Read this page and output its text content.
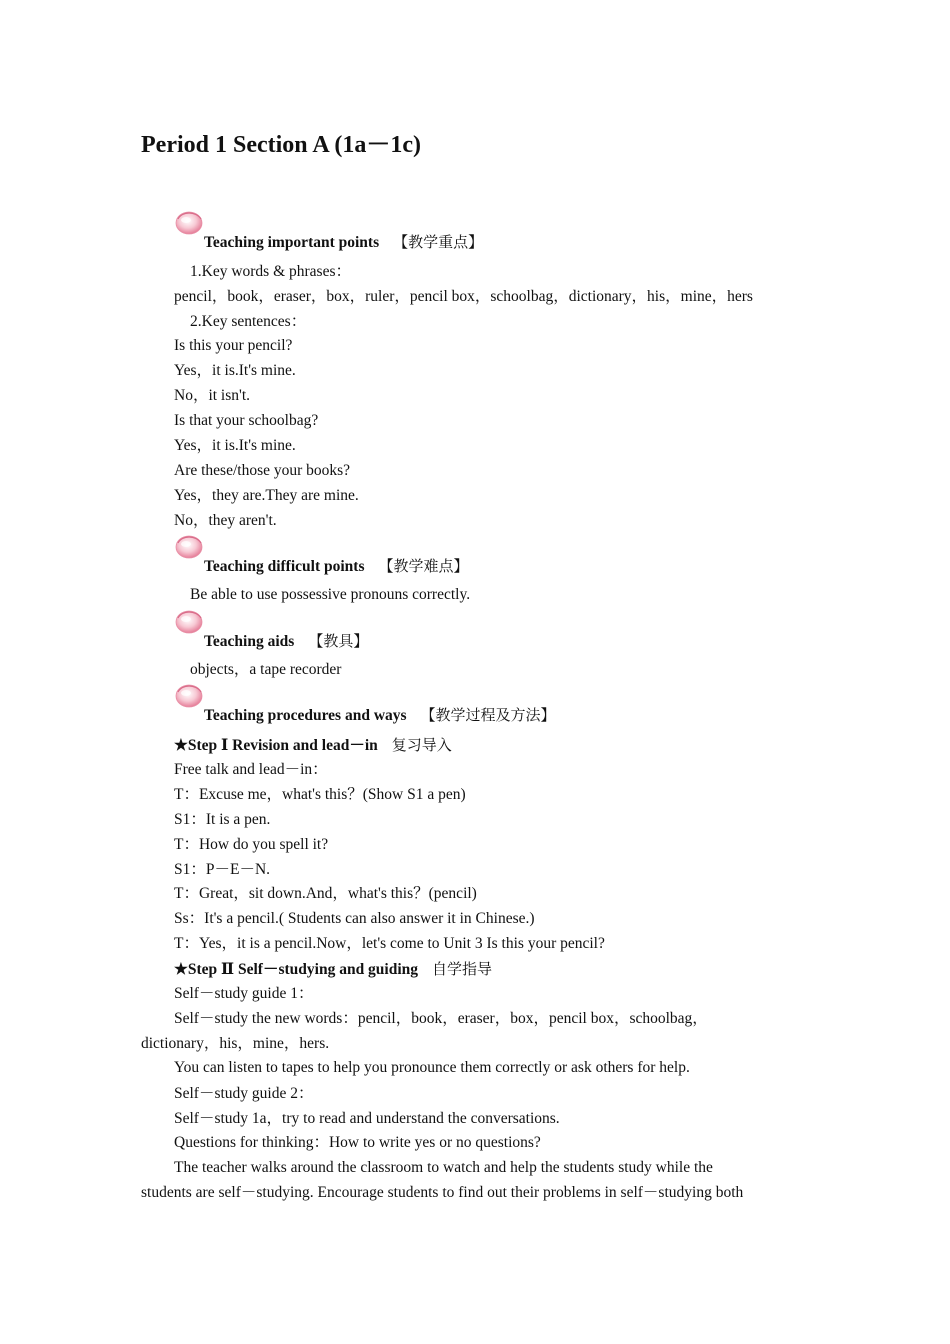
Period 1 Section A (1a－1c)
Teaching important points 【教学重点】
1.Key words & phrases：
pencil，book，eraser，box，ruler，pencil box，schoolbag，dictionary，his，mine，hers
2.Key sentences：
Is this your pencil?
Yes，it is.It's mine.
No，it isn't.
Is that your schoolbag?
Yes，it is.It's mine.
Are these/those your books?
Yes，they are.They are mine.
No，they aren't.
Teaching difficult points 【教学难点】
Be able to use possessive pronouns correctly.
Teaching aids 【教具】
objects，a tape recorder
Teaching procedures and ways 【教学过程及方法】
★Step Ⅰ Revision and lead－in 复习导入
Free talk and lead－in：
T：Excuse me，what's this？(Show S1 a pen)
S1：It is a pen.
T：How do you spell it?
S1：P－E－N.
T：Great，sit down.And，what's this？(pencil)
Ss：It's a pencil.( Students can also answer it in Chinese.)
T：Yes，it is a pencil.Now，let's come to Unit 3 Is this your pencil?
★Step Ⅱ Self－studying and guiding 自学指导
Self－study guide 1：
Self－study the new words：pencil，book，eraser，box，pencil box，schoolbag，
dictionary，his，mine，hers.
You can listen to tapes to help you pronounce them correctly or ask others for help.
Self－study guide 2：
Self－study 1a，try to read and understand the conversations.
Questions for thinking：How to write yes or no questions?
The teacher walks around the classroom to watch and help the students study while the
students are self－studying. Encourage students to find out their problems in self－studying both
